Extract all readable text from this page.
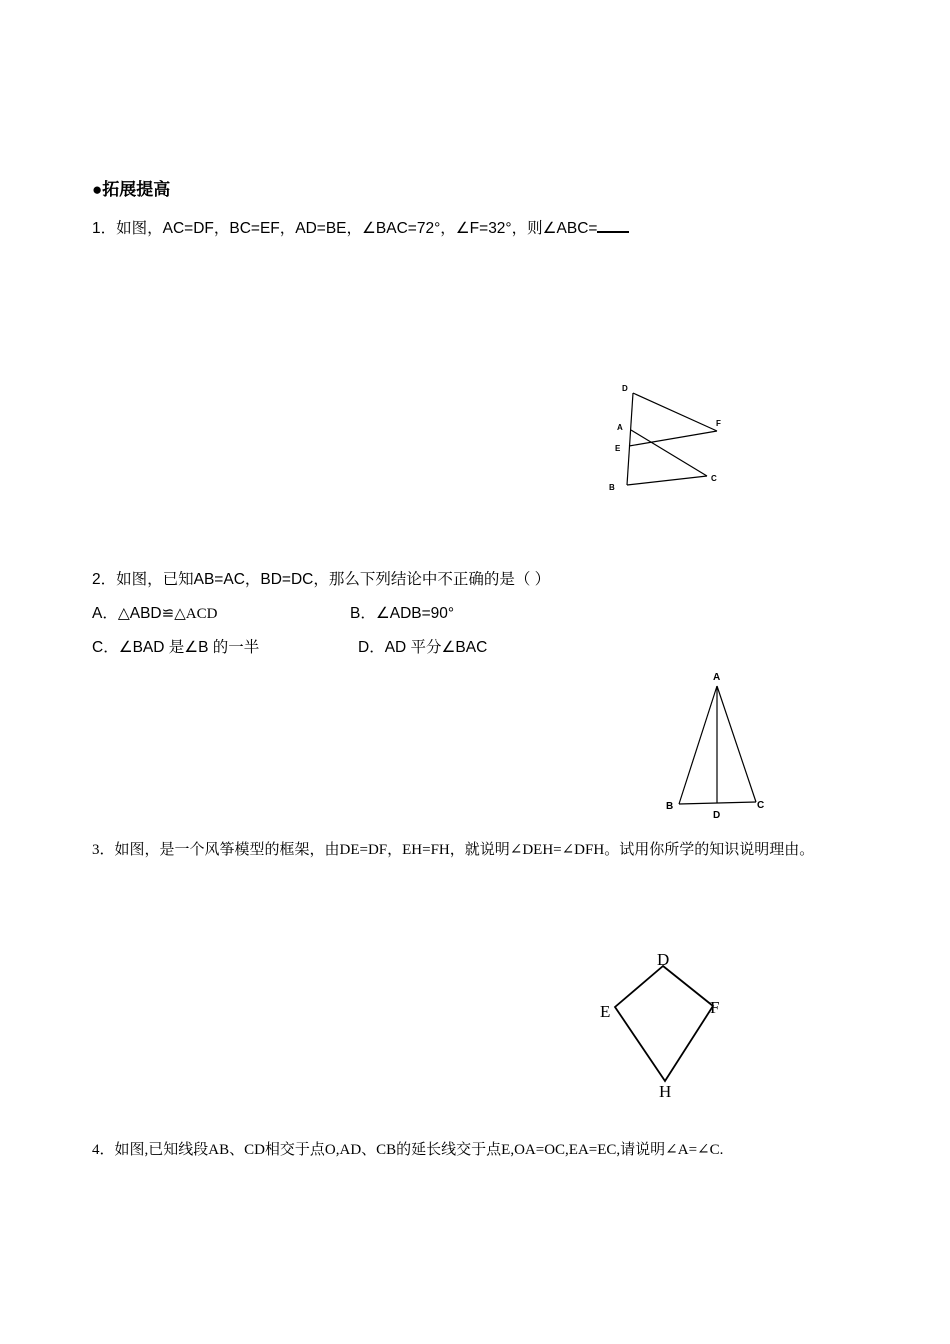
●拓展提高
1．如图，AC=DF，BC=EF，AD=BE，∠BAC=72°，∠F=32°，则∠ABC=
D
A
E
B
F
C
2．如图，已知AB=AC，BD=DC，那么下列结论中不正确的是（ ）
A．△ABD≌△ACD	B．∠ADB=90°
C．∠BAD 是∠B 的一半	D．AD 平分∠BAC
A
B
D
C
3．如图，是一个风筝模型的框架，由DE=DF，EH=FH，就说明∠DEH=∠DFH。试用你所学的知识说明理由。
D
E	F
H
4．如图,已知线段AB、CD相交于点O,AD、CB的延长线交于点E,OA=OC,EA=EC,请说明∠A=∠C.
